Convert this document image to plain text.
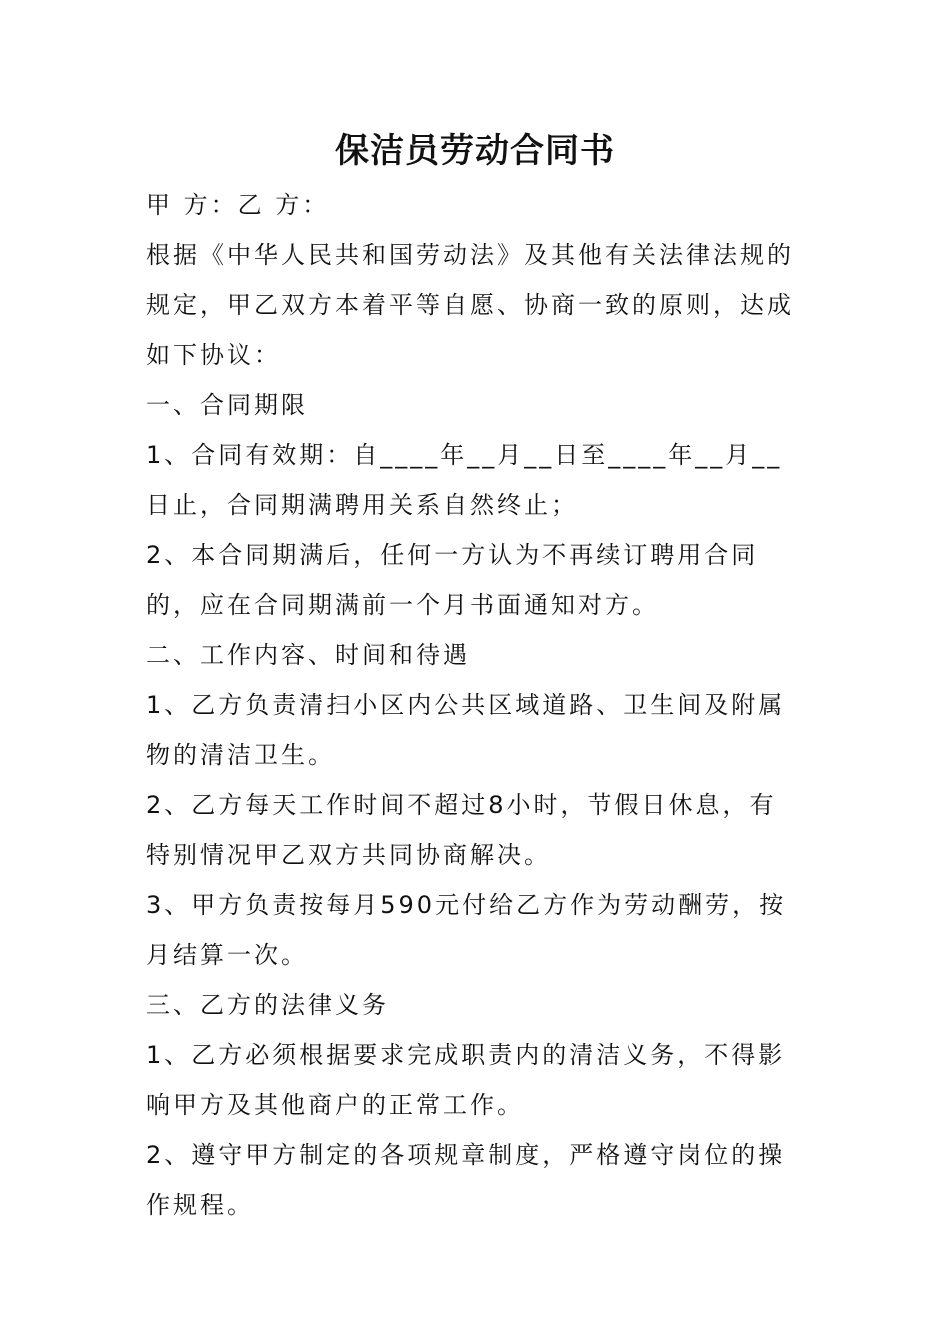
保洁员劳动合同书

甲 方：乙 方：

根据《中华人民共和国劳动法》及其他有关法律法规的规定，甲乙双方本着平等自愿、协商一致的原则，达成如下协议：

一、合同期限

1、合同有效期：自____年__月__日至____年__月__日止，合同期满聘用关系自然终止；

2、本合同期满后，任何一方认为不再续订聘用合同的，应在合同期满前一个月书面通知对方。

二、工作内容、时间和待遇

1、乙方负责清扫小区内公共区域道路、卫生间及附属物的清洁卫生。

2、乙方每天工作时间不超过8小时，节假日休息，有特别情况甲乙双方共同协商解决。

3、甲方负责按每月590元付给乙方作为劳动酬劳，按月结算一次。

三、乙方的法律义务

1、乙方必须根据要求完成职责内的清洁义务，不得影响甲方及其他商户的正常工作。

2、遵守甲方制定的各项规章制度，严格遵守岗位的操作规程。
